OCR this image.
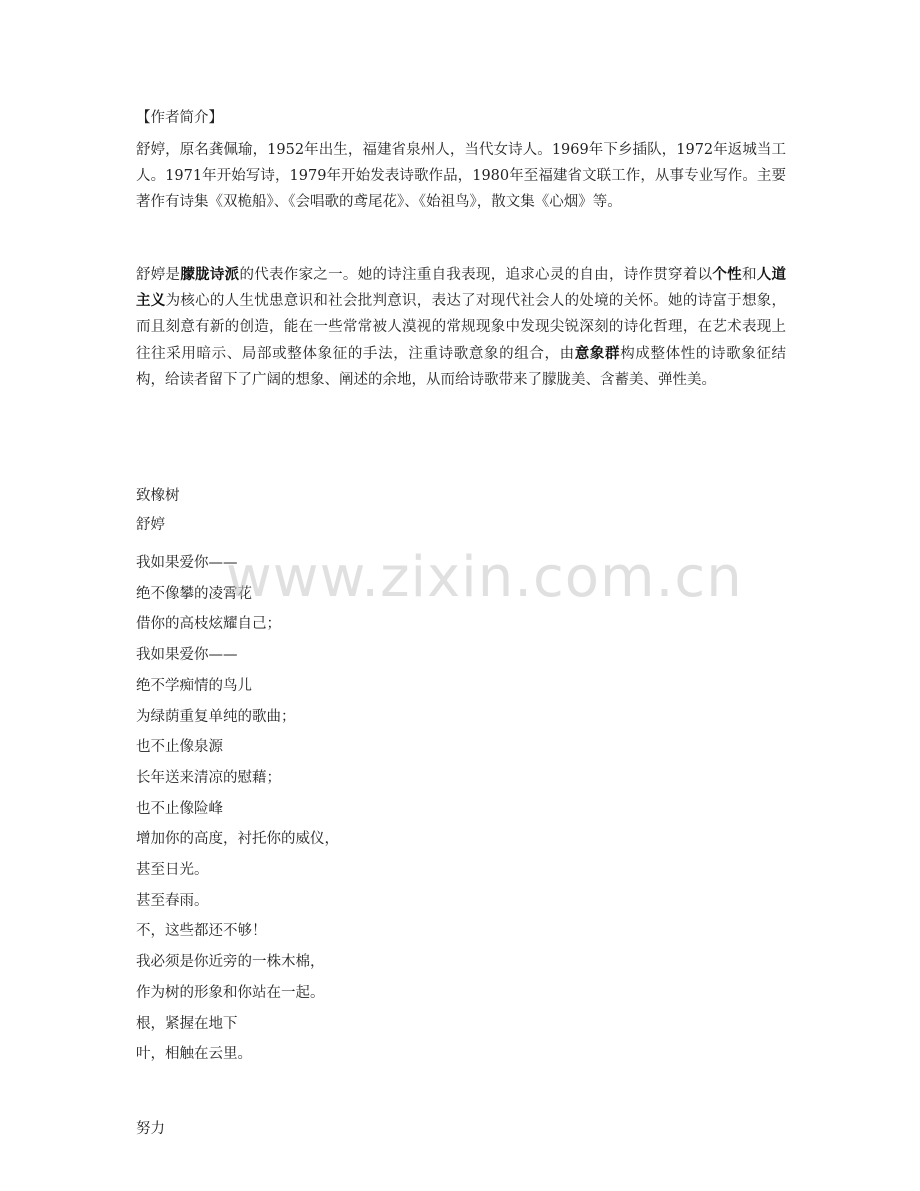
【作者简介】
舒婷，原名龚佩瑜，1952年出生，福建省泉州人，当代女诗人。1969年下乡插队，1972年返城当工人。1971年开始写诗，1979年开始发表诗歌作品，1980年至福建省文联工作，从事专业写作。主要著作有诗集《双桅船》、《会唱歌的鸢尾花》、《始祖鸟》，散文集《心烟》等。
舒婷是朦胧诗派的代表作家之一。她的诗注重自我表现，追求心灵的自由，诗作贯穿着以个性和人道主义为核心的人生忧患意识和社会批判意识，表达了对现代社会人的处境的关怀。她的诗富于想象，而且刻意有新的创造，能在一些常常被人漠视的常规现象中发现尖锐深刻的诗化哲理，在艺术表现上往往采用暗示、局部或整体象征的手法，注重诗歌意象的组合，由意象群构成整体性的诗歌象征结构，给读者留下了广阔的想象、阐述的余地，从而给诗歌带来了朦胧美、含蓄美、弹性美。
致橡树
舒婷
我如果爱你——
绝不像攀的凌霄花
借你的高枝炫耀自己；
我如果爱你——
绝不学痴情的鸟儿
为绿荫重复单纯的歌曲；
也不止像泉源
长年送来清凉的慰藉；
也不止像险峰
增加你的高度，衬托你的威仪，
甚至日光。
甚至春雨。
不，这些都还不够！
我必须是你近旁的一株木棉，
作为树的形象和你站在一起。
根，紧握在地下
叶，相触在云里。
努力
www.zixin.com.cn
